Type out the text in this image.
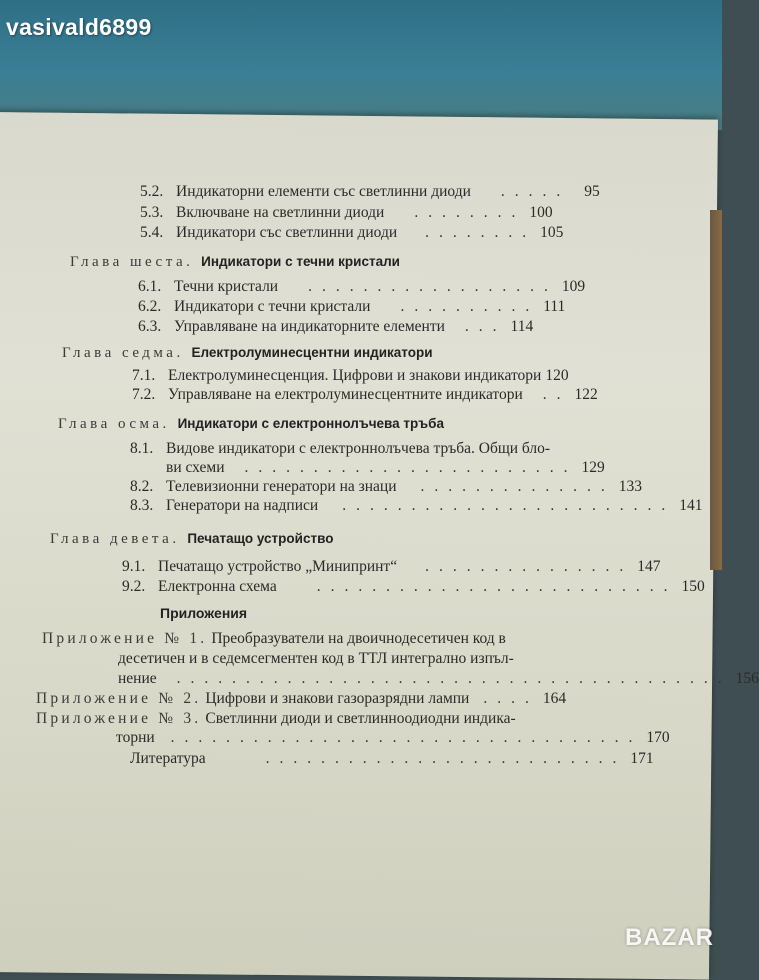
vasivald6899
5.2. Индикаторни елементи със светлинни диоди ..... 95
5.3. Включване на светлинни диоди ........ 100
5.4. Индикатори със светлинни диоди ........ 105
Глава шеста. Индикатори с течни кристали
6.1. Течни кристали .................. 109
6.2. Индикатори с течни кристали .......... 111
6.3. Управляване на индикаторните елементи ... 114
Глава седма. Електролуминесцентни индикатори
7.1. Електролуминесценция. Цифрови и знакови индикатори 120
7.2. Управляване на електролуминесцентните индикатори .. 122
Глава осма. Индикатори с електроннолъчева тръба
8.1. Видове индикатори с електроннолъчева тръба. Общи бло-
ви схеми ........................ 129
8.2. Телевизионни генератори на знаци .............. 133
8.3. Генератори на надписи ........................ 141
Глава девета. Печатащо устройство
9.1. Печатащо устройство „Минипринт“ ............... 147
9.2. Електронна схема	.......................... 150
Приложения
Приложение № 1. Преобразуватели на двоичнодесетичен код в
десетичен и в седемсегментен код в ТТЛ интегрално изпъл-
нение ........................................ 156
Приложение № 2. Цифрови и знакови газоразрядни лампи .... 164
Приложение № 3. Светлинни диоди и светлинноодиодни индика-
торни .................................. 170
Литература	.......................... 171
BAZAR
